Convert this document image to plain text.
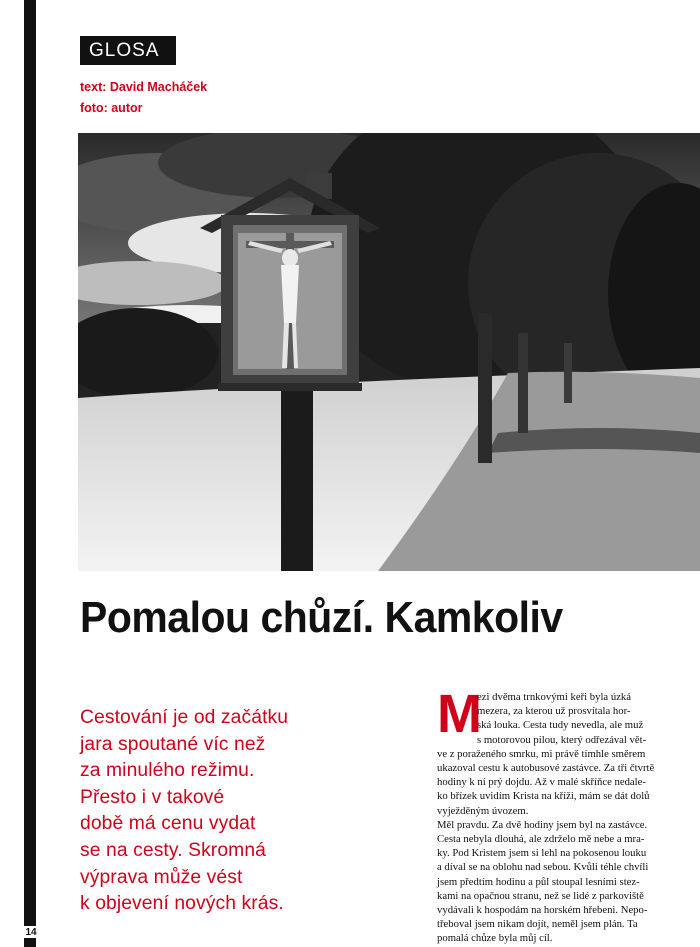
14
GLOSA
text: David Macháček
foto: autor
Pomalou chůzí. Kamkoliv
Cestování je od začátku
jara spoutané víc než
za minulého režimu.
Přesto i v takové
době má cenu vydat
se na cesty. Skromná
výprava může vést
k objevení nových krás.
M
ezi dvěma trnkovými keři byla úzká
mezera, za kterou už prosvítala hor-
ská louka. Cesta tudy nevedla, ale muž
s motorovou pilou, který odřezával vět-
ve z poraženého smrku, mi právě tímhle směrem
ukazoval cestu k autobusové zastávce. Za tři čtvrtě
hodiny k ní prý dojdu. Až v malé skříňce nedale-
ko břízek uvidím Krista na kříži, mám se dát dolů
vyježděným úvozem.
Měl pravdu. Za dvě hodiny jsem byl na zastávce.
Cesta nebyla dlouhá, ale zdrželo mě nebe a mra-
ky. Pod Kristem jsem si lehl na pokosenou louku
a díval se na oblohu nad sebou. Kvůli téhle chvíli
jsem předtím hodinu a půl stoupal lesními stez-
kami na opačnou stranu, než se lidé z parkoviště
vydávali k hospodám na horském hřebeni. Nepo-
třeboval jsem nikam dojít, neměl jsem plán. Ta
pomalá chůze byla můj cíl.
